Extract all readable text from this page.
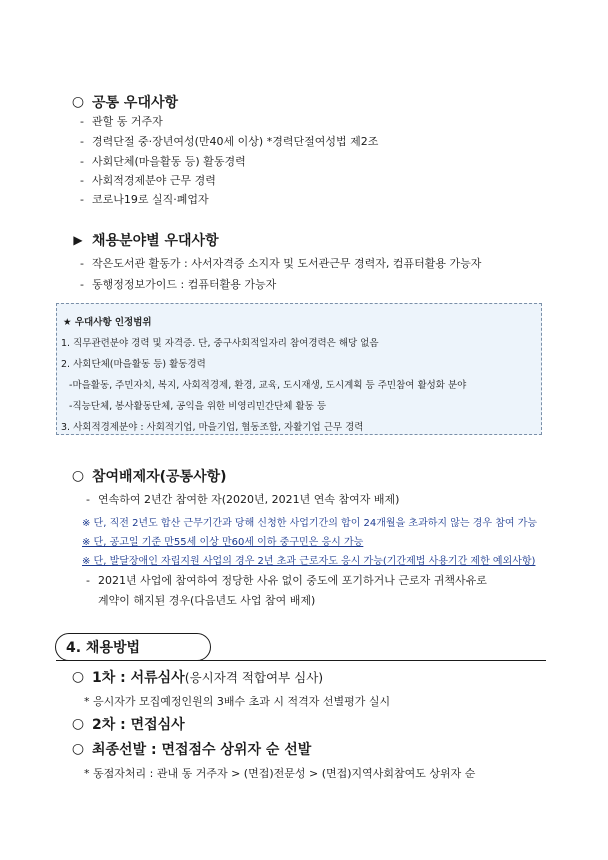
○ 공통 우대사항
- 관할 동 거주자
- 경력단절 중·장년여성(만40세 이상) *경력단절여성법 제2조
- 사회단체(마을활동 등) 활동경력
- 사회적경제분야 근무 경력
- 코로나19로 실직·폐업자
▶ 채용분야별 우대사항
- 작은도서관 활동가 : 사서자격증 소지자 및 도서관근무 경력자, 컴퓨터활용 가능자
- 동행정정보가이드 : 컴퓨터활용 가능자
★ 우대사항 인정범위
1. 직무관련분야 경력 및 자격증. 단, 중구사회적일자리 참여경력은 해당 없음
2. 사회단체(마을활동 등) 활동경력
-마을활동, 주민자치, 복지, 사회적경제, 환경, 교육, 도시재생, 도시계획 등 주민참여 활성화 분야
-직능단체, 봉사활동단체, 공익을 위한 비영리민간단체 활동 등
3. 사회적경제분야 : 사회적기업, 마을기업, 협동조합, 자활기업 근무 경력
○ 참여배제자(공통사항)
- 연속하여 2년간 참여한 자(2020년, 2021년 연속 참여자 배제)
※ 단, 직전 2년도 합산 근무기간과 당해 신청한 사업기간의 합이 24개월을 초과하지 않는 경우 참여 가능
※ 단, 공고일 기준 만55세 이상 만60세 이하 중구민은 응시 가능
※ 단, 발달장애인 자립지원 사업의 경우 2년 초과 근로자도 응시 가능(기간제법 사용기간 제한 예외사항)
- 2021년 사업에 참여하여 정당한 사유 없이 중도에 포기하거나 근로자 귀책사유로
계약이 해지된 경우(다음년도 사업 참여 배제)
4. 채용방법
○ 1차 : 서류심사 (응시자격 적합여부 심사)
* 응시자가 모집예정인원의 3배수 초과 시 적격자 선별평가 실시
○ 2차 : 면접심사
○ 최종선발 : 면접점수 상위자 순 선발
* 동점자처리 : 관내 동 거주자 > (면접)전문성 > (면접)지역사회참여도 상위자 순
